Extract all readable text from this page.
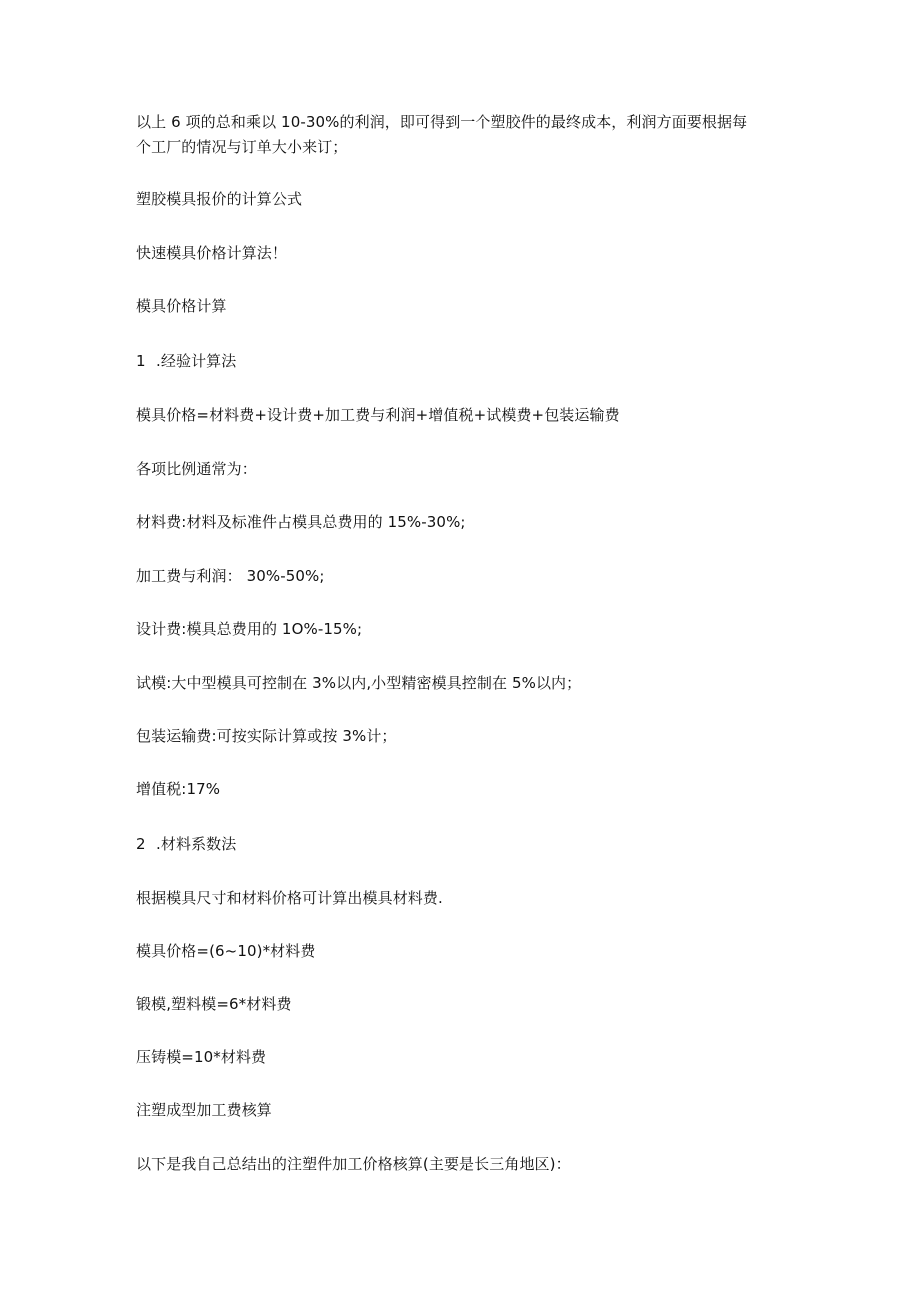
以上 6 项的总和乘以 10-30%的利润，即可得到一个塑胶件的最终成本，利润方面要根据每
个工厂的情况与订单大小来订；
塑胶模具报价的计算公式
快速模具价格计算法！
模具价格计算
1 .经验计算法
模具价格=材料费+设计费+加工费与利润+增值税+试模费+包装运输费
各项比例通常为：
材料费:材料及标准件占模具总费用的 15%-30%;
加工费与利润： 30%-50%;
设计费:模具总费用的 1O%-15%;
试模:大中型模具可控制在 3%以内,小型精密模具控制在 5%以内；
包装运输费:可按实际计算或按 3%计；
增值税:17%
2 .材料系数法
根据模具尺寸和材料价格可计算出模具材料费.
模具价格=(6~10)*材料费
锻模,塑料模=6*材料费
压铸模=10*材料费
注塑成型加工费核算
以下是我自己总结出的注塑件加工价格核算(主要是长三角地区)：
